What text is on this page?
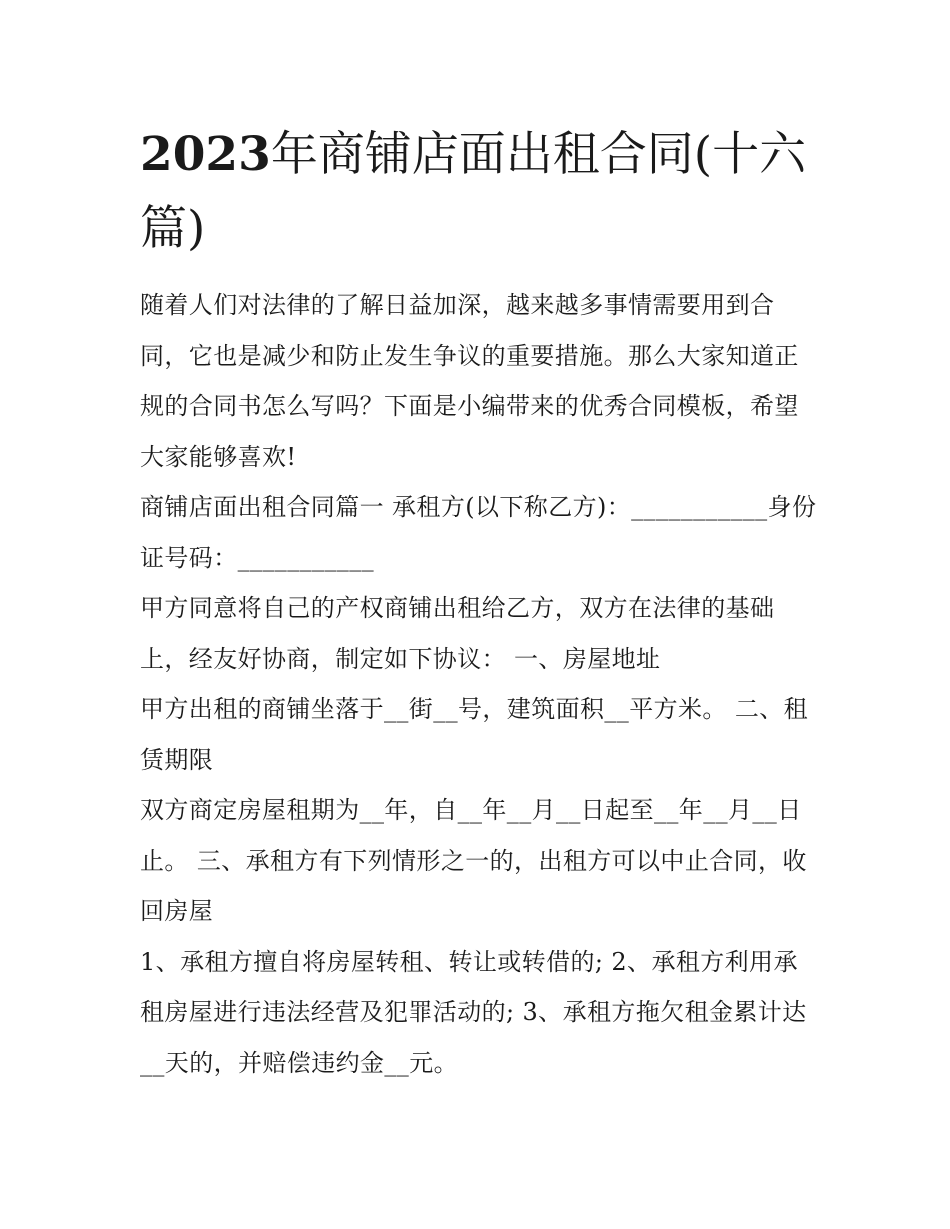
2023年商铺店面出租合同(十六篇)

随着人们对法律的了解日益加深，越来越多事情需要用到合同，它也是减少和防止发生争议的重要措施。那么大家知道正规的合同书怎么写吗？下面是小编带来的优秀合同模板，希望大家能够喜欢!

商铺店面出租合同篇一 承租方(以下称乙方)：___________身份证号码：___________

甲方同意将自己的产权商铺出租给乙方，双方在法律的基础上，经友好协商，制定如下协议： 一、房屋地址

甲方出租的商铺坐落于__街__号，建筑面积__平方米。 二、租赁期限

双方商定房屋租期为__年，自__年__月__日起至__年__月__日止。 三、承租方有下列情形之一的，出租方可以中止合同，收回房屋

1、承租方擅自将房屋转租、转让或转借的; 2、承租方利用承租房屋进行违法经营及犯罪活动的; 3、承租方拖欠租金累计达__天的，并赔偿违约金__元。
